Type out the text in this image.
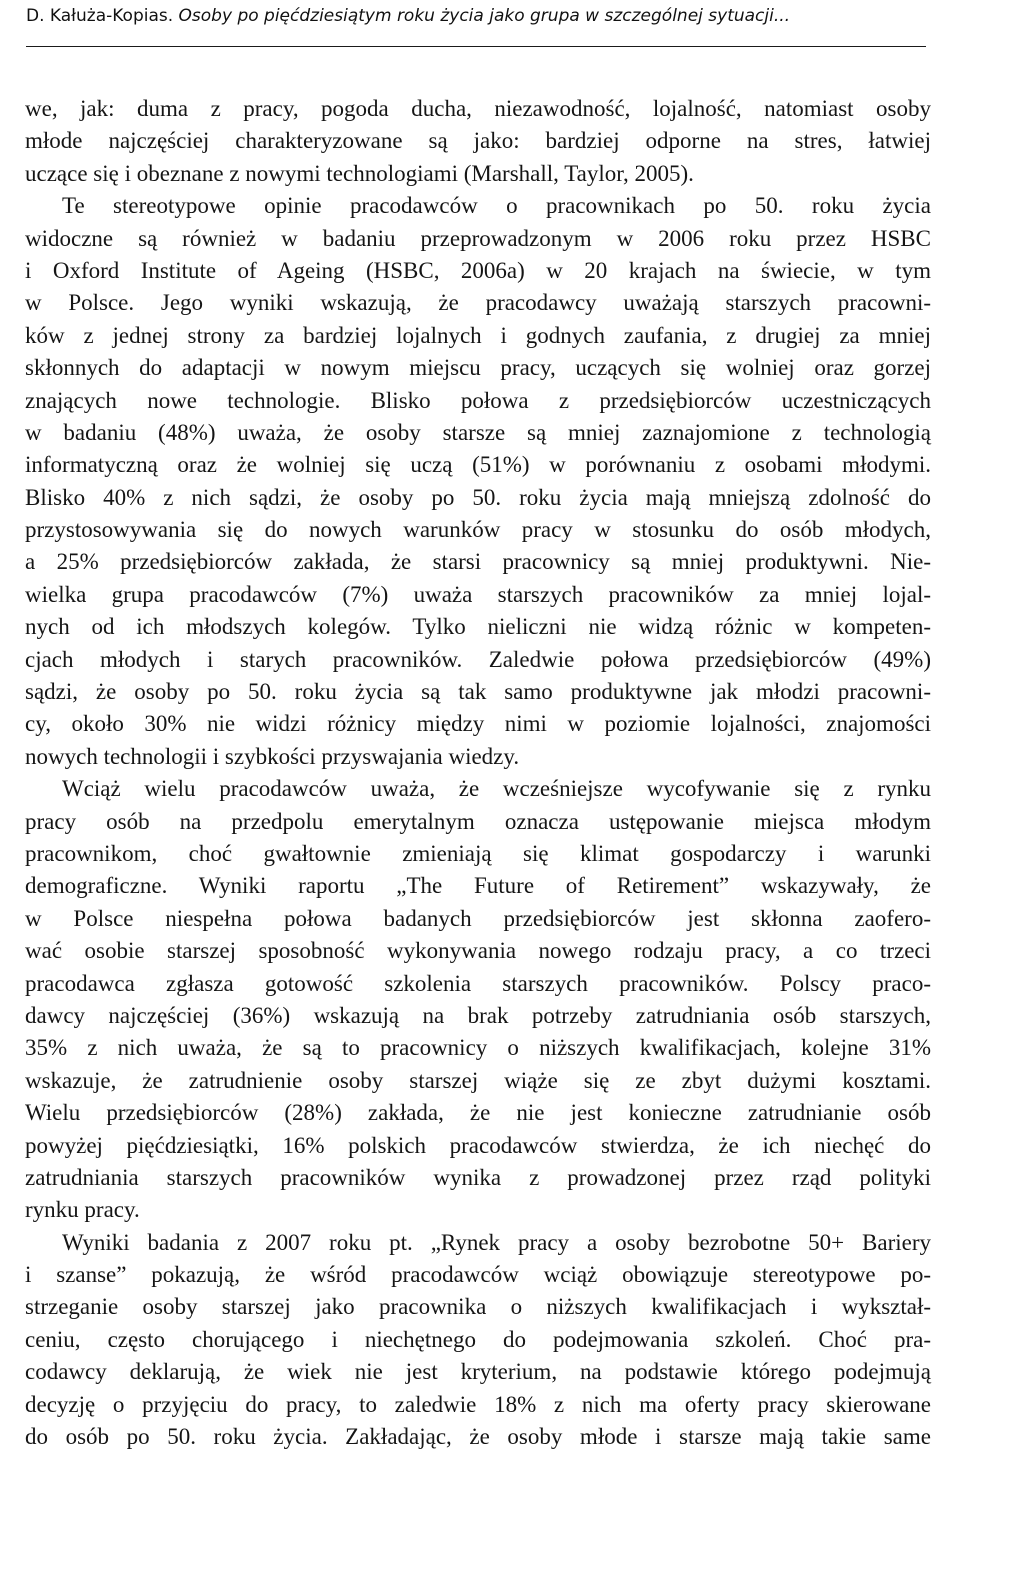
D. Kałuża-Kopias. Osoby po pięćdziesiątym roku życia jako grupa w szczególnej sytuacji...
we, jak: duma z pracy, pogoda ducha, niezawodność, lojalność, natomiast osoby
młode najczęściej charakteryzowane są jako: bardziej odporne na stres, łatwiej
uczące się i obeznane z nowymi technologiami (Marshall, Taylor, 2005).
Te stereotypowe opinie pracodawców o pracownikach po 50. roku życia
widoczne są również w badaniu przeprowadzonym w 2006 roku przez HSBC
i Oxford Institute of Ageing (HSBC, 2006a) w 20 krajach na świecie, w tym
w Polsce. Jego wyniki wskazują, że pracodawcy uważają starszych pracowni-
ków z jednej strony za bardziej lojalnych i godnych zaufania, z drugiej za mniej
skłonnych do adaptacji w nowym miejscu pracy, uczących się wolniej oraz gorzej
znających nowe technologie. Blisko połowa z przedsiębiorców uczestniczących
w badaniu (48%) uważa, że osoby starsze są mniej zaznajomione z technologią
informatyczną oraz że wolniej się uczą (51%) w porównaniu z osobami młodymi.
Blisko 40% z nich sądzi, że osoby po 50. roku życia mają mniejszą zdolność do
przystosowywania się do nowych warunków pracy w stosunku do osób młodych,
a 25% przedsiębiorców zakłada, że starsi pracownicy są mniej produktywni. Nie-
wielka grupa pracodawców (7%) uważa starszych pracowników za mniej lojal-
nych od ich młodszych kolegów. Tylko nieliczni nie widzą różnic w kompeten-
cjach młodych i starych pracowników. Zaledwie połowa przedsiębiorców (49%)
sądzi, że osoby po 50. roku życia są tak samo produktywne jak młodzi pracowni-
cy, około 30% nie widzi różnicy między nimi w poziomie lojalności, znajomości
nowych technologii i szybkości przyswajania wiedzy.
Wciąż wielu pracodawców uważa, że wcześniejsze wycofywanie się z rynku
pracy osób na przedpolu emerytalnym oznacza ustępowanie miejsca młodym
pracownikom, choć gwałtownie zmieniają się klimat gospodarczy i warunki
demograficzne. Wyniki raportu „The Future of Retirement” wskazywały, że
w Polsce niespełna połowa badanych przedsiębiorców jest skłonna zaofero-
wać osobie starszej sposobność wykonywania nowego rodzaju pracy, a co trzeci
pracodawca zgłasza gotowość szkolenia starszych pracowników. Polscy praco-
dawcy najczęściej (36%) wskazują na brak potrzeby zatrudniania osób starszych,
35% z nich uważa, że są to pracownicy o niższych kwalifikacjach, kolejne 31%
wskazuje, że zatrudnienie osoby starszej wiąże się ze zbyt dużymi kosztami.
Wielu przedsiębiorców (28%) zakłada, że nie jest konieczne zatrudnianie osób
powyżej pięćdziesiątki, 16% polskich pracodawców stwierdza, że ich niechęć do
zatrudniania starszych pracowników wynika z prowadzonej przez rząd polityki
rynku pracy.
Wyniki badania z 2007 roku pt. „Rynek pracy a osoby bezrobotne 50+ Bariery
i szanse” pokazują, że wśród pracodawców wciąż obowiązuje stereotypowe po-
strzeganie osoby starszej jako pracownika o niższych kwalifikacjach i wykształ-
ceniu, często chorującego i niechętnego do podejmowania szkoleń. Choć pra-
codawcy deklarują, że wiek nie jest kryterium, na podstawie którego podejmują
decyzję o przyjęciu do pracy, to zaledwie 18% z nich ma oferty pracy skierowane
do osób po 50. roku życia. Zakładając, że osoby młode i starsze mają takie same
